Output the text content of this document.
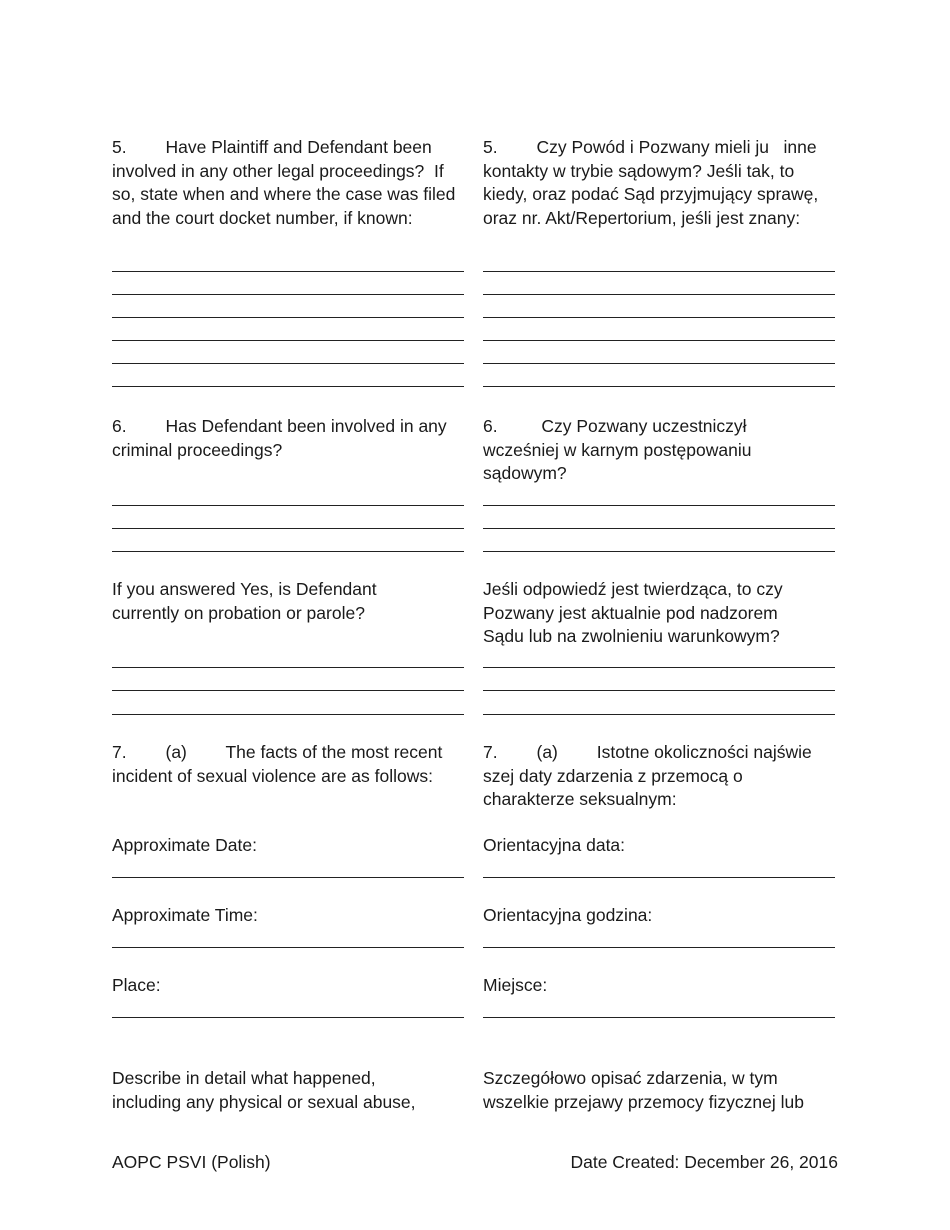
5.        Have Plaintiff and Defendant been involved in any other legal proceedings?  If so, state when and where the case was filed and the court docket number, if known:

6.        Has Defendant been involved in any criminal proceedings?

If you answered Yes, is Defendant currently on probation or parole?

7.        (a)        The facts of the most recent incident of sexual violence are as follows:

Approximate Date:

Approximate Time:

Place:

Describe in detail what happened, including any physical or sexual abuse,

5.        Czy Powód i Pozwany mieli ju   inne kontakty w trybie sądowym? Jeśli tak, to kiedy, oraz podać Sąd przyjmujący sprawę, oraz nr. Akt/Repertorium, jeśli jest znany:

6.         Czy Pozwany uczestniczył wcześniej w karnym postępowaniu sądowym?

Jeśli odpowiedź jest twierdząca, to czy Pozwany jest aktualnie pod nadzorem Sądu lub na zwolnieniu warunkowym?

7.        (a)        Istotne okoliczności najświe  szej daty zdarzenia z przemocą o charakterze seksualnym:

Orientacyjna data:

Orientacyjna godzina:

Miejsce:

Szczegółowo opisać zdarzenia, w tym wszelkie przejawy przemocy fizycznej lub

AOPC PSVI (Polish)	Date Created: December 26, 2016
